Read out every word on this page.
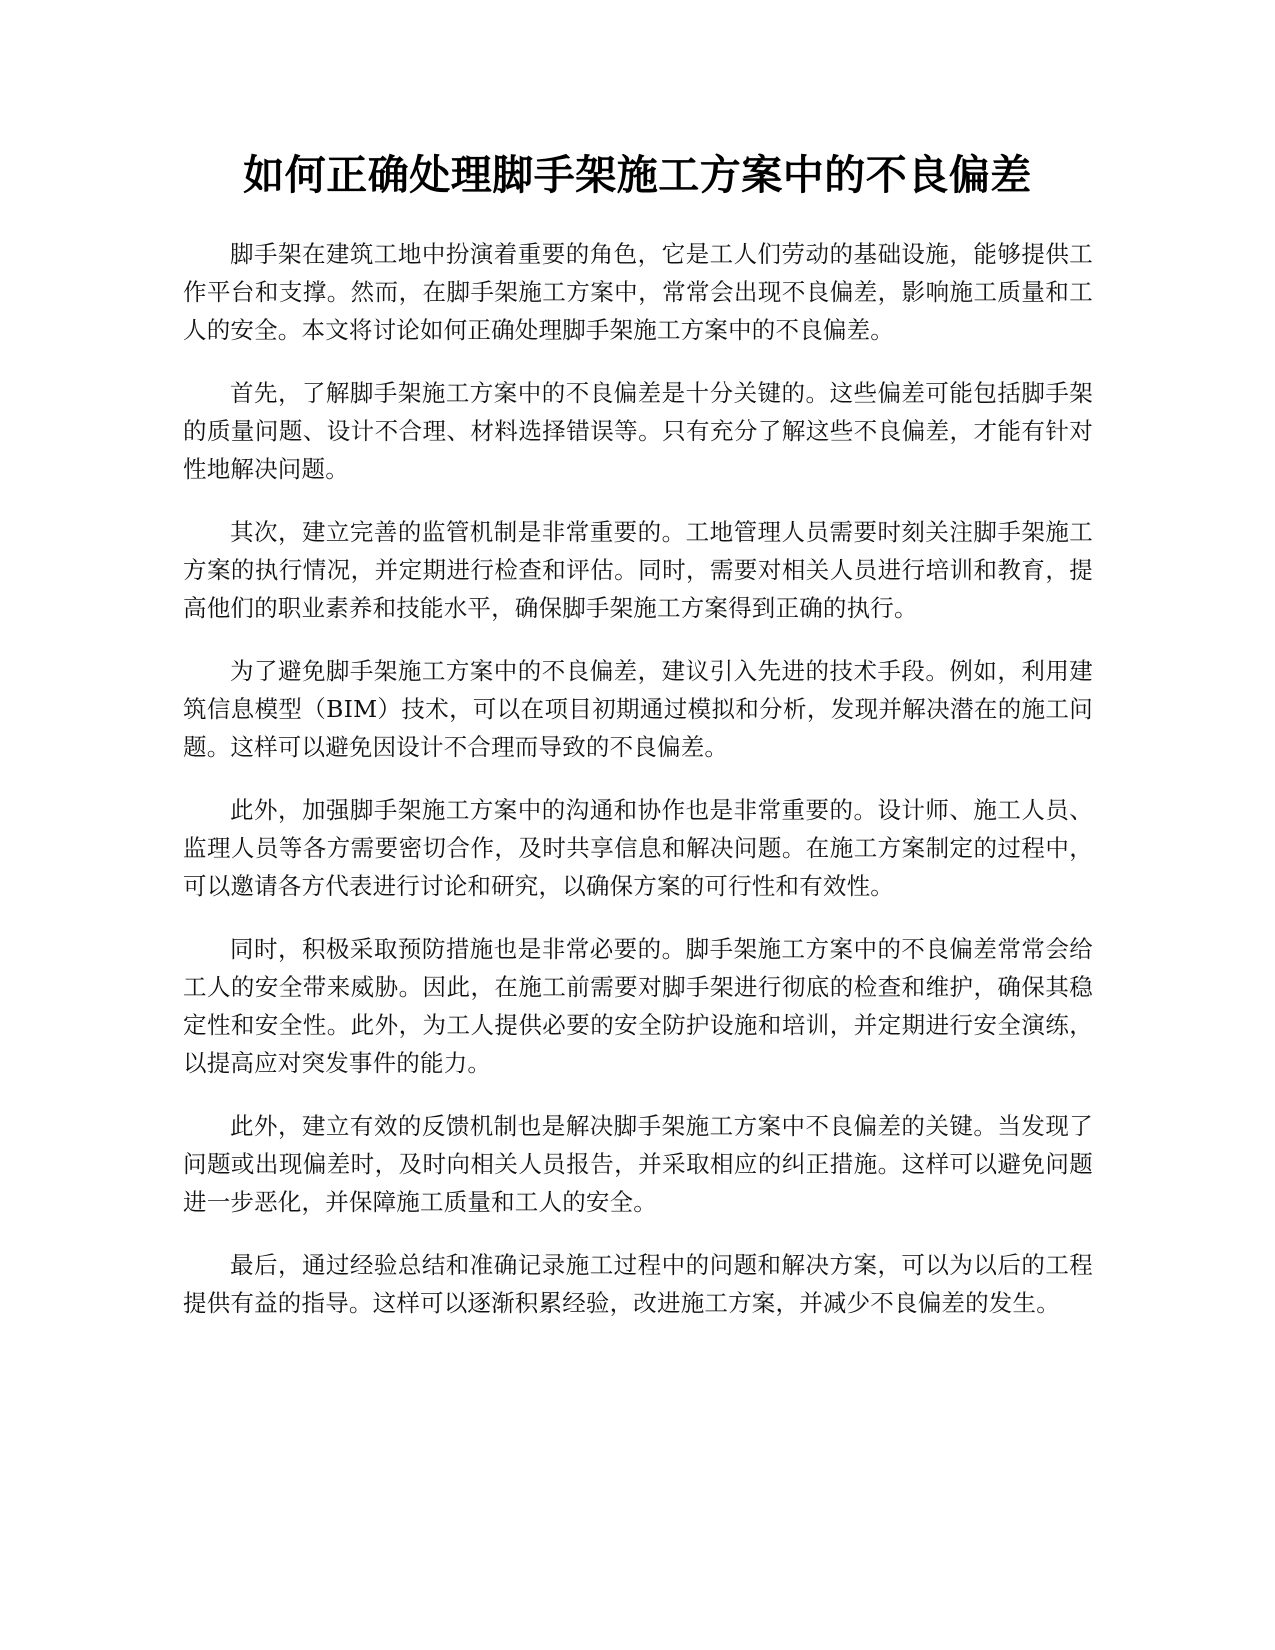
如何正确处理脚手架施工方案中的不良偏差

脚手架在建筑工地中扮演着重要的角色，它是工人们劳动的基础设施，能够提供工作平台和支撑。然而，在脚手架施工方案中，常常会出现不良偏差，影响施工质量和工人的安全。本文将讨论如何正确处理脚手架施工方案中的不良偏差。

首先，了解脚手架施工方案中的不良偏差是十分关键的。这些偏差可能包括脚手架的质量问题、设计不合理、材料选择错误等。只有充分了解这些不良偏差，才能有针对性地解决问题。

其次，建立完善的监管机制是非常重要的。工地管理人员需要时刻关注脚手架施工方案的执行情况，并定期进行检查和评估。同时，需要对相关人员进行培训和教育，提高他们的职业素养和技能水平，确保脚手架施工方案得到正确的执行。

为了避免脚手架施工方案中的不良偏差，建议引入先进的技术手段。例如，利用建筑信息模型（BIM）技术，可以在项目初期通过模拟和分析，发现并解决潜在的施工问题。这样可以避免因设计不合理而导致的不良偏差。

此外，加强脚手架施工方案中的沟通和协作也是非常重要的。设计师、施工人员、监理人员等各方需要密切合作，及时共享信息和解决问题。在施工方案制定的过程中，可以邀请各方代表进行讨论和研究，以确保方案的可行性和有效性。

同时，积极采取预防措施也是非常必要的。脚手架施工方案中的不良偏差常常会给工人的安全带来威胁。因此，在施工前需要对脚手架进行彻底的检查和维护，确保其稳定性和安全性。此外，为工人提供必要的安全防护设施和培训，并定期进行安全演练，以提高应对突发事件的能力。

此外，建立有效的反馈机制也是解决脚手架施工方案中不良偏差的关键。当发现了问题或出现偏差时，及时向相关人员报告，并采取相应的纠正措施。这样可以避免问题进一步恶化，并保障施工质量和工人的安全。

最后，通过经验总结和准确记录施工过程中的问题和解决方案，可以为以后的工程提供有益的指导。这样可以逐渐积累经验，改进施工方案，并减少不良偏差的发生。
